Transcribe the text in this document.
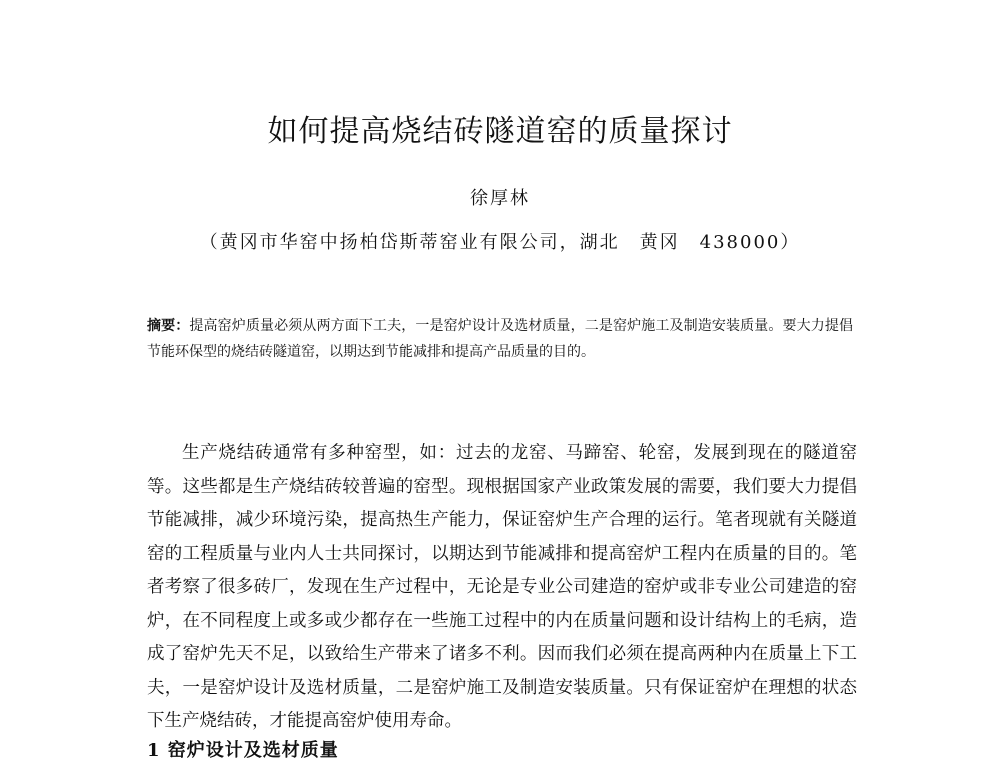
如何提高烧结砖隧道窑的质量探讨
徐厚林
（黄冈市华窑中扬柏岱斯蒂窑业有限公司，湖北　黄冈　438000）
摘要：提高窑炉质量必须从两方面下工夫，一是窑炉设计及选材质量，二是窑炉施工及制造安装质量。要大力提倡节能环保型的烧结砖隧道窑，以期达到节能减排和提高产品质量的目的。

生产烧结砖通常有多种窑型，如：过去的龙窑、马蹄窑、轮窑，发展到现在的隧道窑等。这些都是生产烧结砖较普遍的窑型。现根据国家产业政策发展的需要，我们要大力提倡节能减排，减少环境污染，提高热生产能力，保证窑炉生产合理的运行。笔者现就有关隧道窑的工程质量与业内人士共同探讨，以期达到节能减排和提高窑炉工程内在质量的目的。笔者考察了很多砖厂，发现在生产过程中，无论是专业公司建造的窑炉或非专业公司建造的窑炉，在不同程度上或多或少都存在一些施工过程中的内在质量问题和设计结构上的毛病，造成了窑炉先天不足，以致给生产带来了诸多不利。因而我们必须在提高两种内在质量上下工夫，一是窑炉设计及选材质量，二是窑炉施工及制造安装质量。只有保证窑炉在理想的状态下生产烧结砖，才能提高窑炉使用寿命。

1 窑炉设计及选材质量
